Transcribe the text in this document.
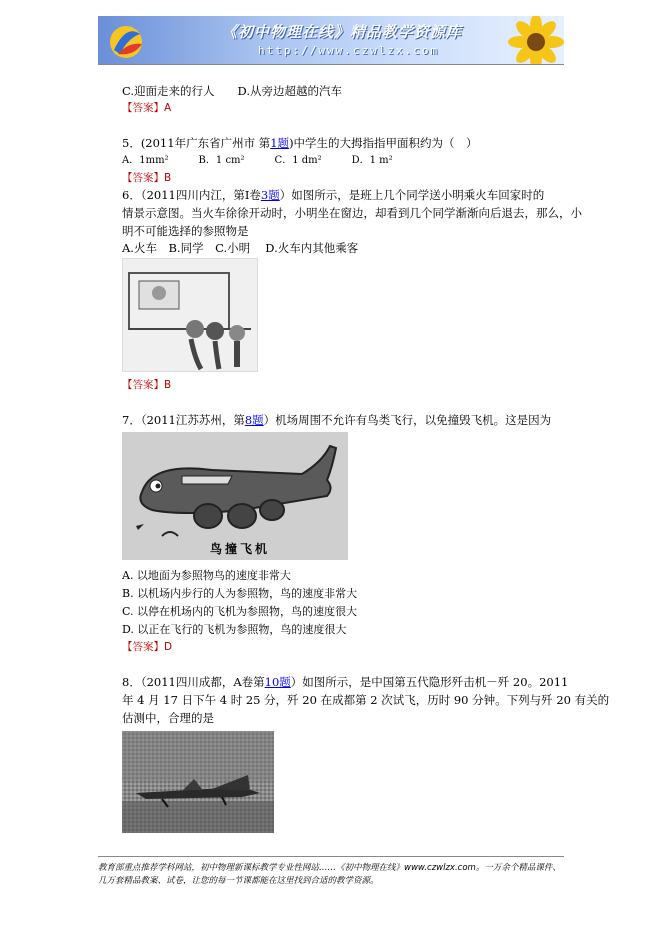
《初中物理在线》精品教学资源库
http://www.czwlzx.com
C.迎面走来的行人　　D.从旁边超越的汽车
【答案】A
5．(2011年广东省广州市 第1题)中学生的大拇指指甲面积约为（　）
A．1mm²　　　B．1 cm²　　　C．1 dm²　　　D．1 m²
【答案】B
6．（2011四川内江，第Ⅰ卷3题）如图所示，是班上几个同学送小明乘火车回家时的
情景示意图。当火车徐徐开动时，小明坐在窗边，却看到几个同学渐渐向后退去，那么，小
明不可能选择的参照物是
A.火车　B.同学　C.小明　 D.火车内其他乘客
【答案】B
7．（2011江苏苏州，第8题）机场周围不允许有鸟类飞行，以免撞毁飞机。这是因为
鸟撞飞机
A. 以地面为参照物鸟的速度非常大
B. 以机场内步行的人为参照物，鸟的速度非常大
C. 以停在机场内的飞机为参照物，鸟的速度很大
D. 以正在飞行的飞机为参照物，鸟的速度很大
【答案】D
8．（2011四川成都，A卷第10题）如图所示，是中国第五代隐形歼击机－歼 20。2011
年 4 月 17 日下午 4 时 25 分，歼 20 在成都第 2 次试飞，历时 90 分钟。下列与歼 20 有关的
估测中，合理的是
教育部重点推荐学科网站，初中物理新课标教学专业性网站……《初中物理在线》www.czwlzx.com。一万余个精品课件、几万套精品教案、试卷，让您的每一节课都能在这里找到合适的教学资源。
